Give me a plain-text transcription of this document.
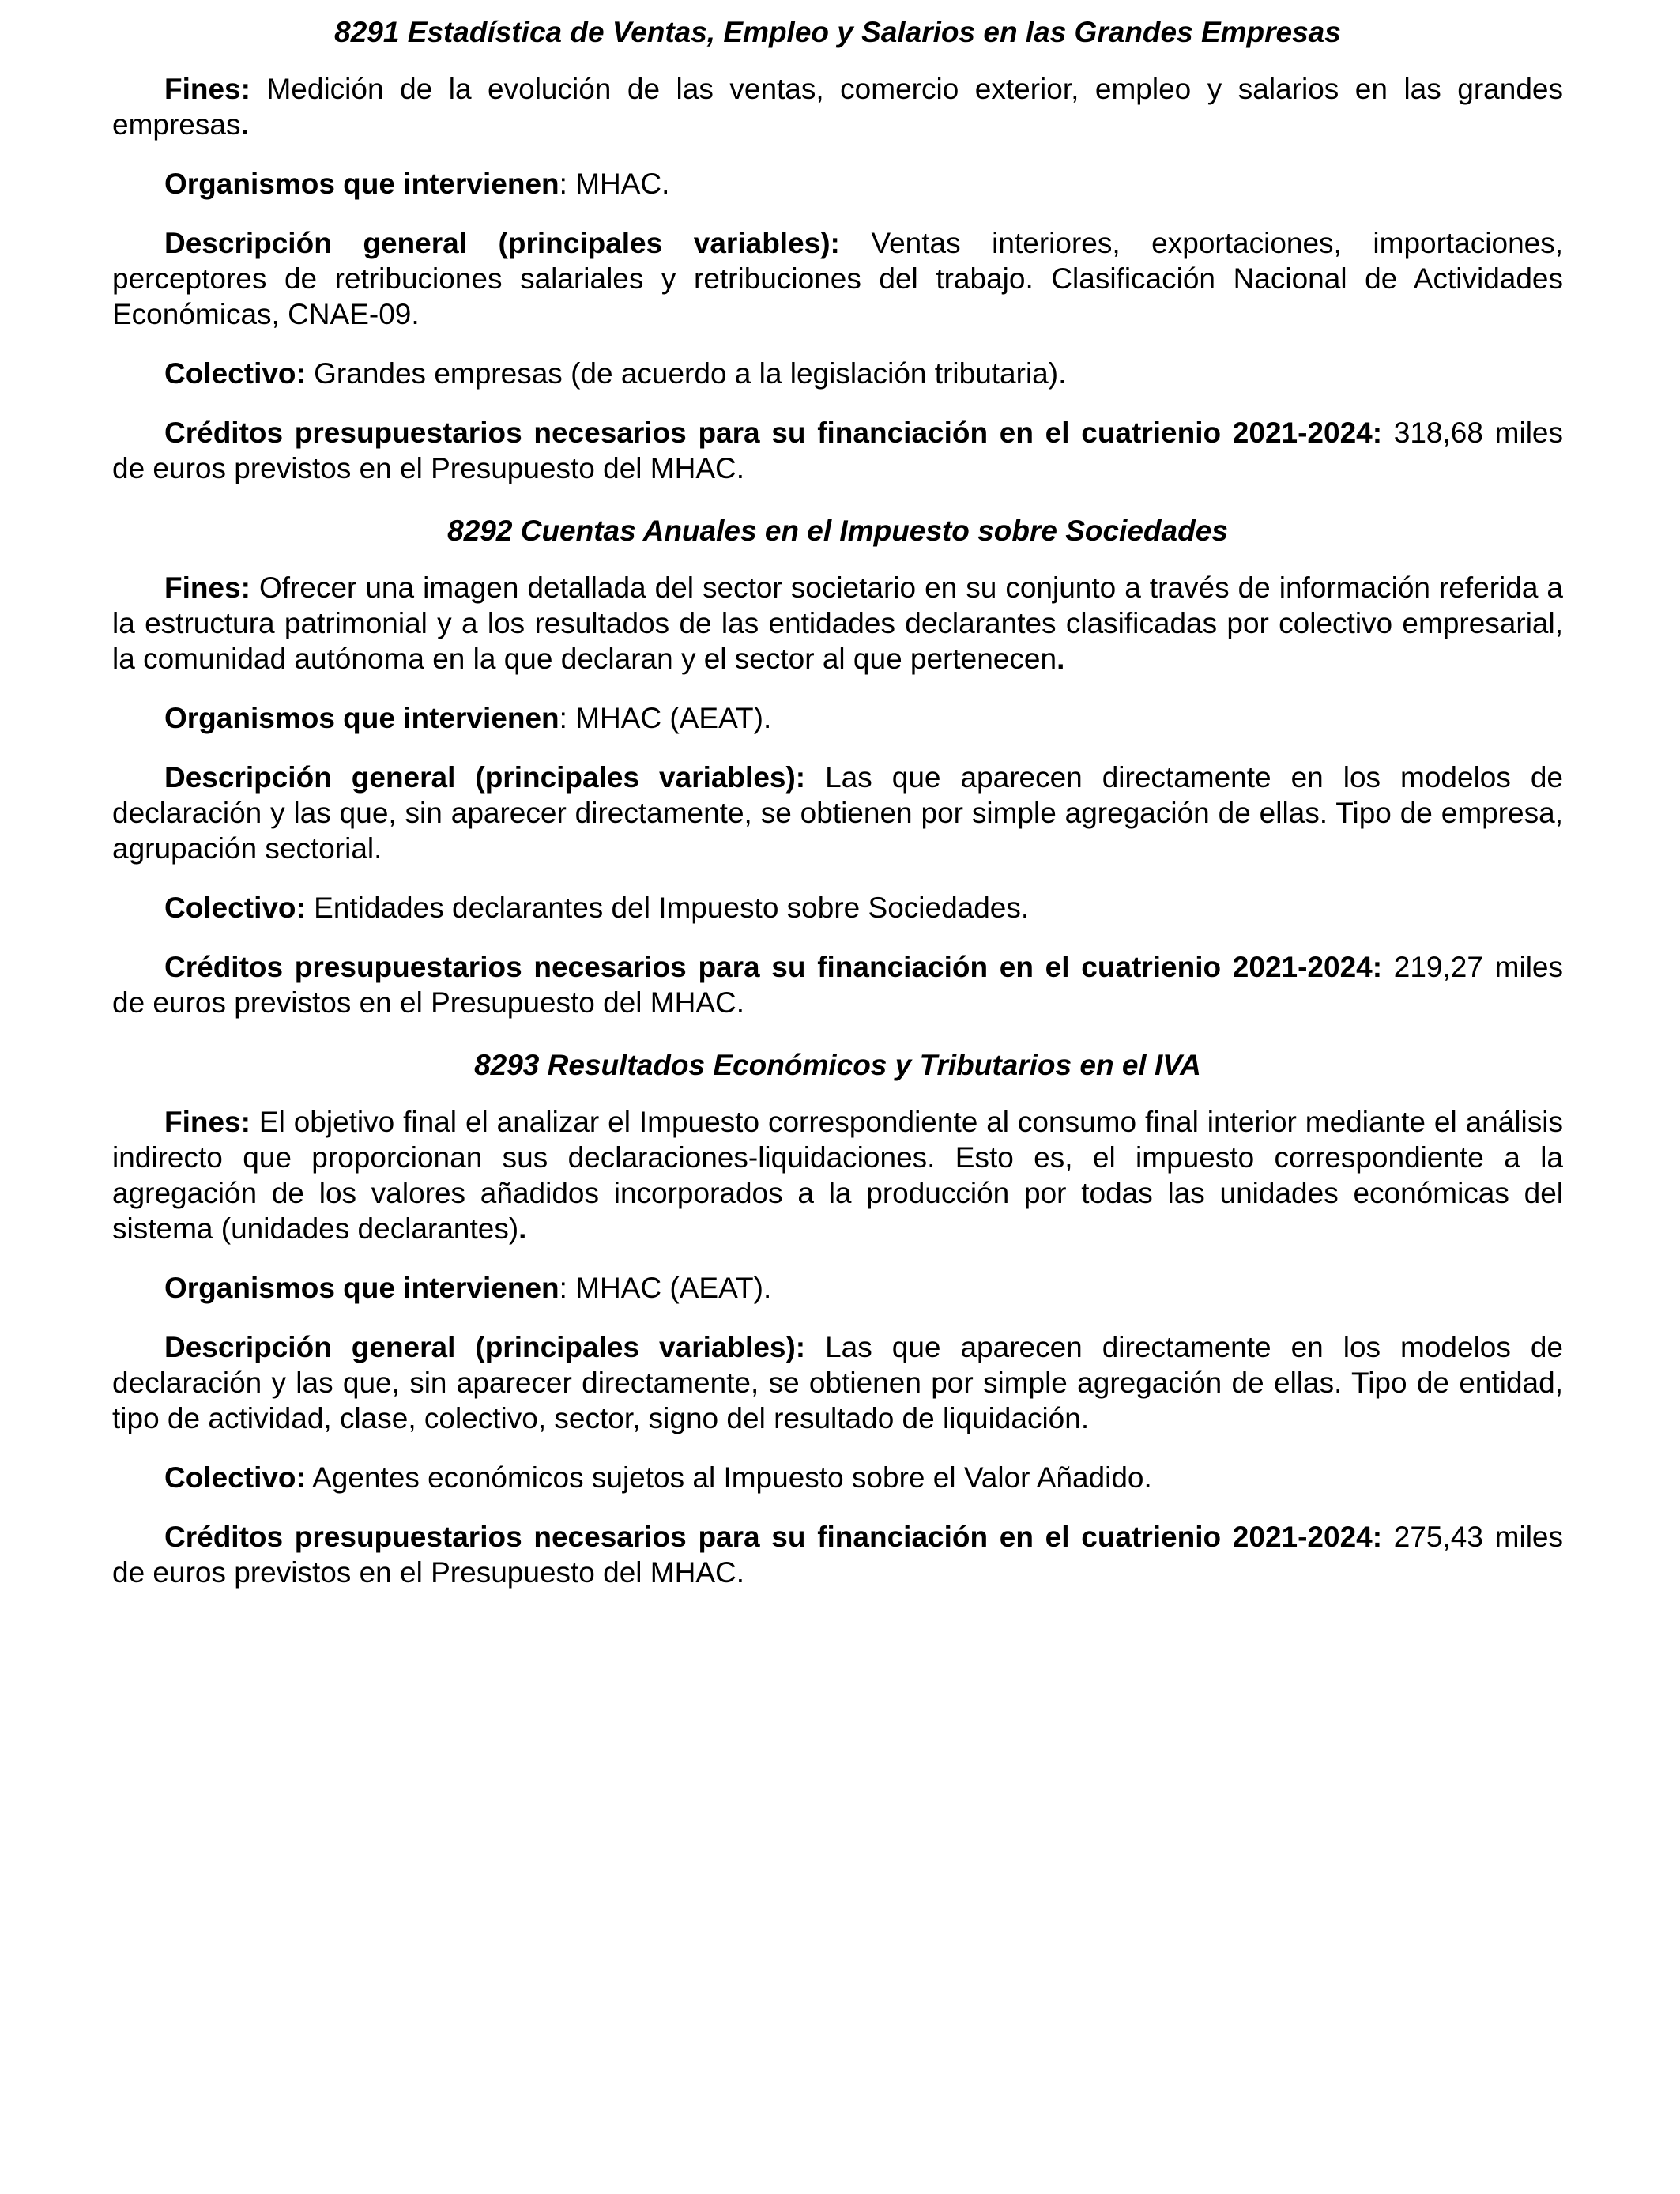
8291 Estadística de Ventas, Empleo y Salarios en las Grandes Empresas

Fines: Medición de la evolución de las ventas, comercio exterior, empleo y salarios en las grandes empresas.

Organismos que intervienen: MHAC.

Descripción general (principales variables): Ventas interiores, exportaciones, importaciones, perceptores de retribuciones salariales y retribuciones del trabajo. Clasificación Nacional de Actividades Económicas, CNAE-09.

Colectivo: Grandes empresas (de acuerdo a la legislación tributaria).

Créditos presupuestarios necesarios para su financiación en el cuatrienio 2021-2024: 318,68 miles de euros previstos en el Presupuesto del MHAC.

8292 Cuentas Anuales en el Impuesto sobre Sociedades

Fines: Ofrecer una imagen detallada del sector societario en su conjunto a través de información referida a la estructura patrimonial y a los resultados de las entidades declarantes clasificadas por colectivo empresarial, la comunidad autónoma en la que declaran y el sector al que pertenecen.

Organismos que intervienen: MHAC (AEAT).

Descripción general (principales variables): Las que aparecen directamente en los modelos de declaración y las que, sin aparecer directamente, se obtienen por simple agregación de ellas. Tipo de empresa, agrupación sectorial.

Colectivo: Entidades declarantes del Impuesto sobre Sociedades.

Créditos presupuestarios necesarios para su financiación en el cuatrienio 2021-2024: 219,27 miles de euros previstos en el Presupuesto del MHAC.

8293 Resultados Económicos y Tributarios en el IVA

Fines: El objetivo final el analizar el Impuesto correspondiente al consumo final interior mediante el análisis indirecto que proporcionan sus declaraciones-liquidaciones. Esto es, el impuesto correspondiente a la agregación de los valores añadidos incorporados a la producción por todas las unidades económicas del sistema (unidades declarantes).

Organismos que intervienen: MHAC (AEAT).

Descripción general (principales variables): Las que aparecen directamente en los modelos de declaración y las que, sin aparecer directamente, se obtienen por simple agregación de ellas. Tipo de entidad, tipo de actividad, clase, colectivo, sector, signo del resultado de liquidación.

Colectivo: Agentes económicos sujetos al Impuesto sobre el Valor Añadido.

Créditos presupuestarios necesarios para su financiación en el cuatrienio 2021-2024: 275,43 miles de euros previstos en el Presupuesto del MHAC.
